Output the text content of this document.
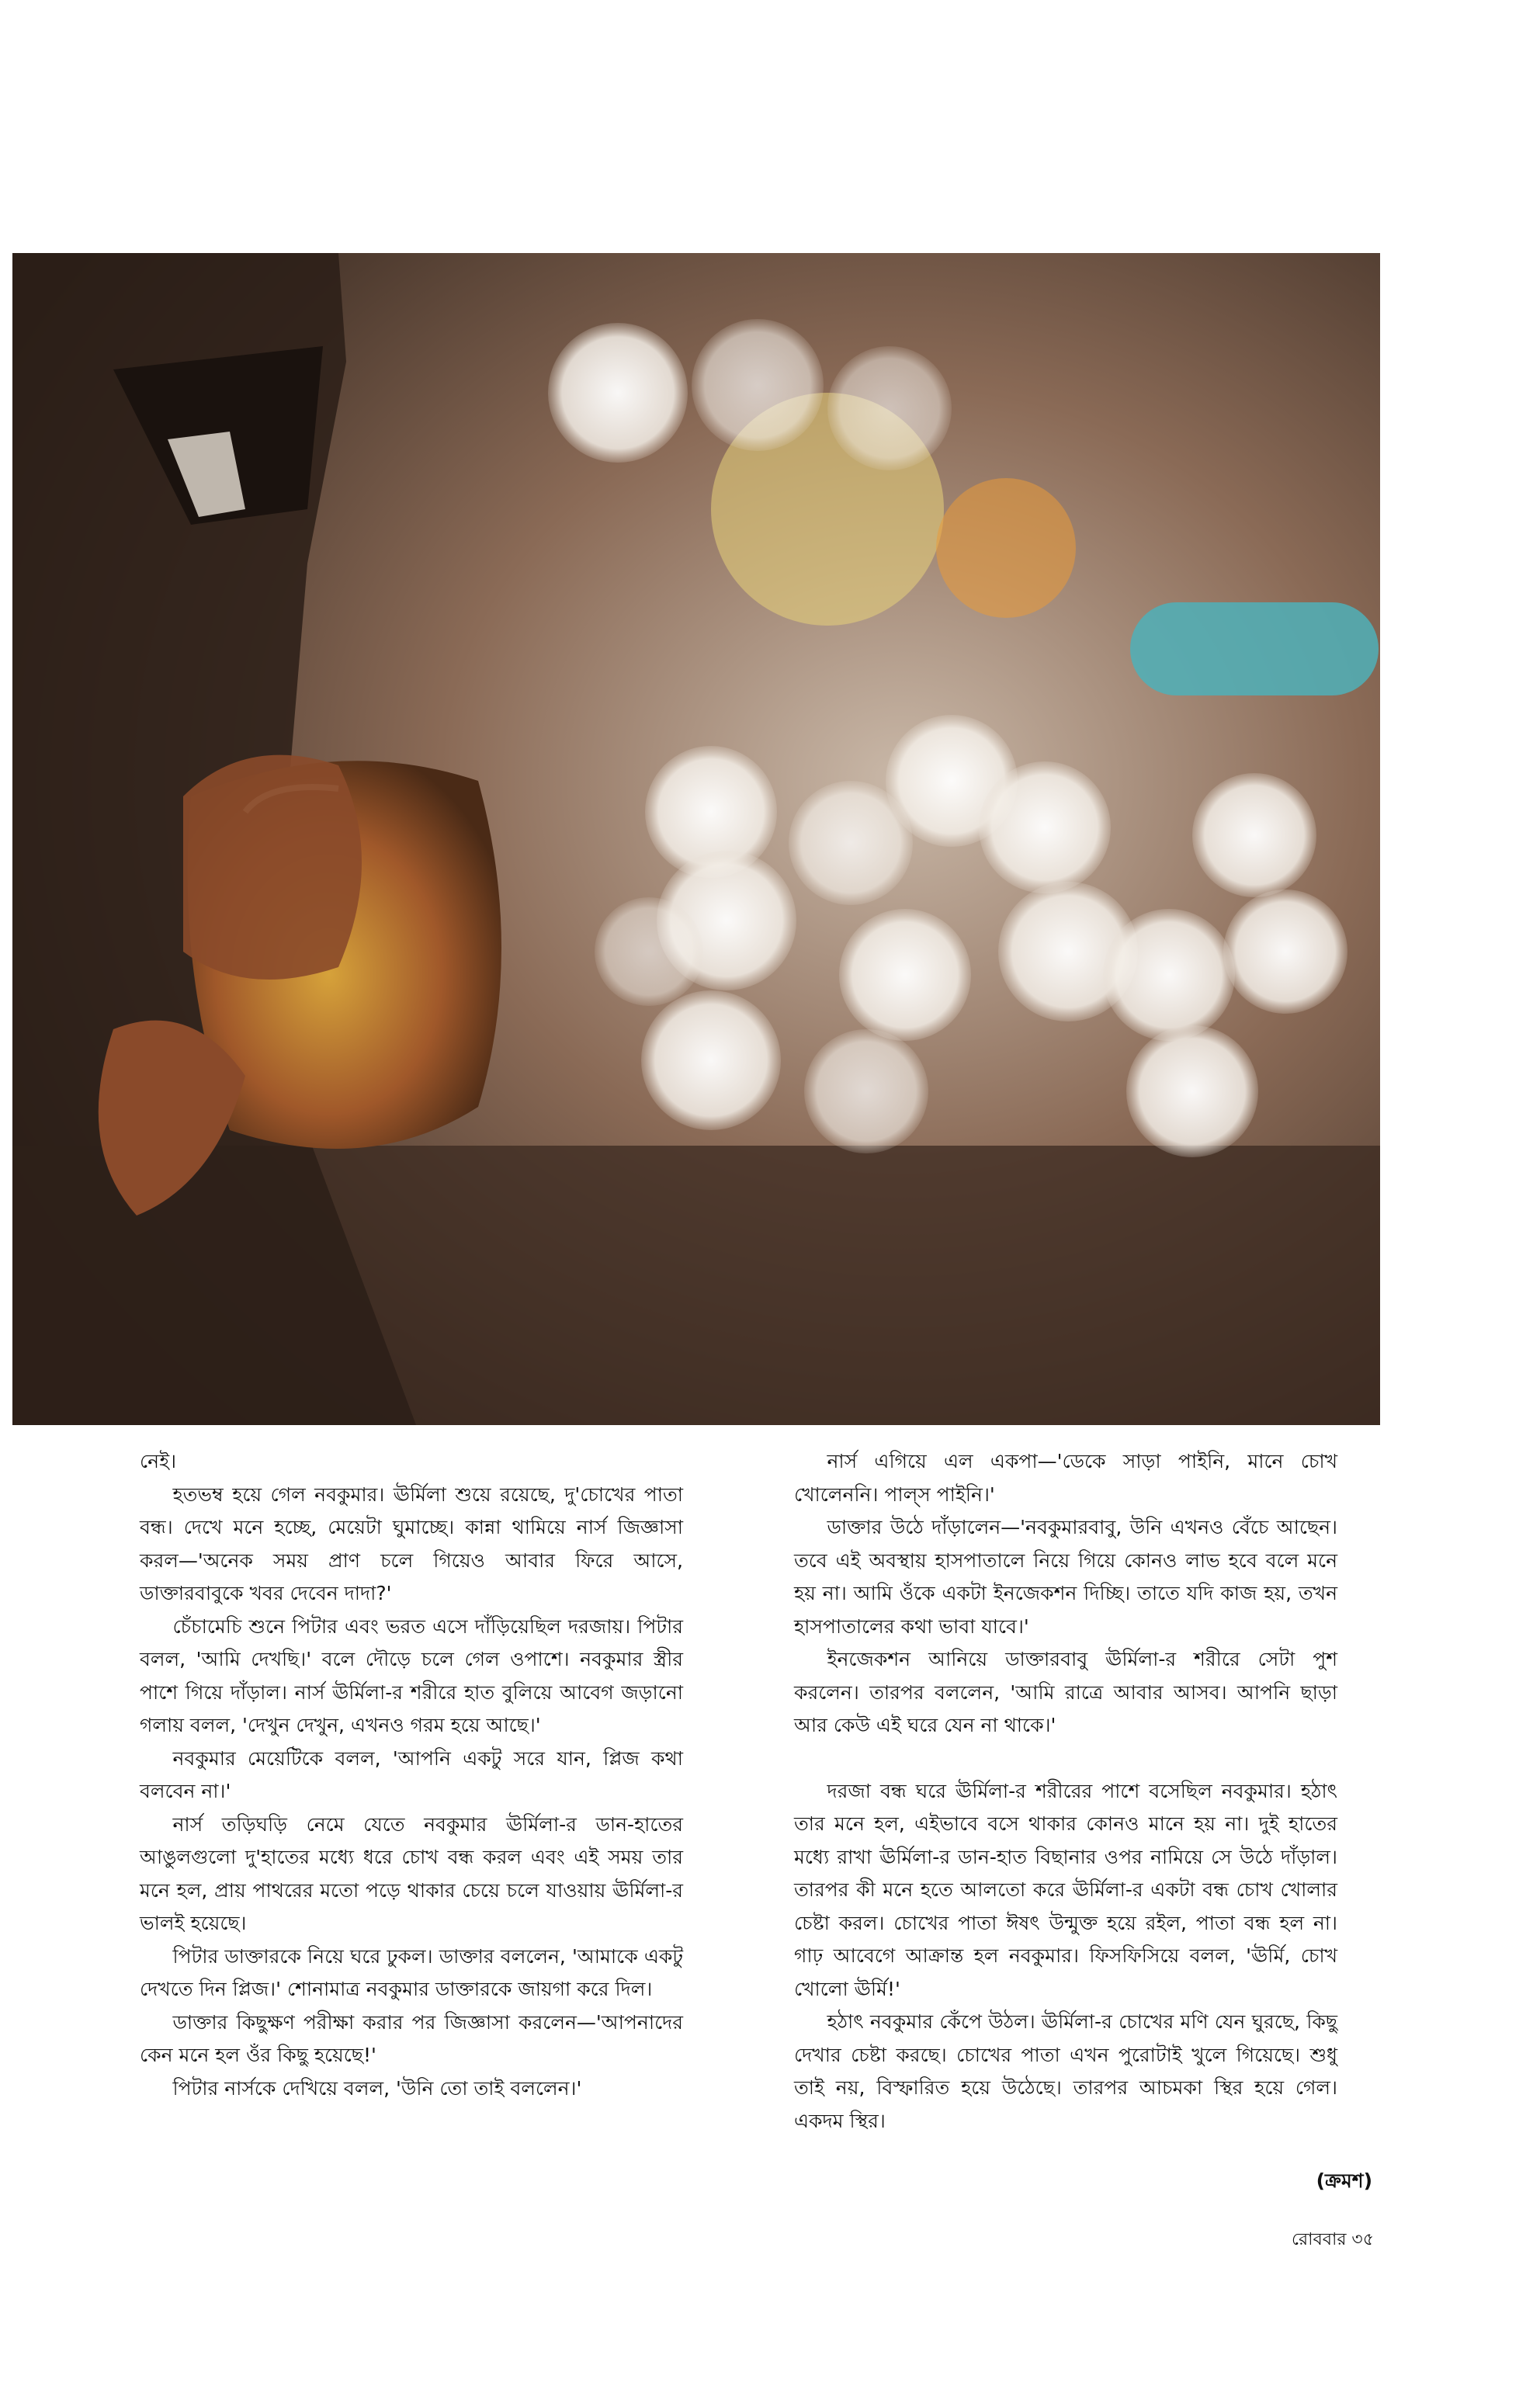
নেই।

হতভম্ব হয়ে গেল নবকুমার। ঊর্মিলা শুয়ে রয়েছে, দু'চোখের পাতা বন্ধ। দেখে মনে হচ্ছে, মেয়েটা ঘুমাচ্ছে। কান্না থামিয়ে নার্স জিজ্ঞাসা করল—'অনেক সময় প্রাণ চলে গিয়েও আবার ফিরে আসে, ডাক্তারবাবুকে খবর দেবেন দাদা?'

চেঁচামেচি শুনে পিটার এবং ভরত এসে দাঁড়িয়েছিল দরজায়। পিটার বলল, 'আমি দেখছি।' বলে দৌড়ে চলে গেল ওপাশে। নবকুমার স্ত্রীর পাশে গিয়ে দাঁড়াল। নার্স ঊর্মিলা-র শরীরে হাত বুলিয়ে আবেগ জড়ানো গলায় বলল, 'দেখুন দেখুন, এখনও গরম হয়ে আছে।'

নবকুমার মেয়েটিকে বলল, 'আপনি একটু সরে যান, প্লিজ কথা বলবেন না।'

নার্স তড়িঘড়ি নেমে যেতে নবকুমার ঊর্মিলা-র ডান-হাতের আঙুলগুলো দু'হাতের মধ্যে ধরে চোখ বন্ধ করল এবং এই সময় তার মনে হল, প্রায় পাথরের মতো পড়ে থাকার চেয়ে চলে যাওয়ায় ঊর্মিলা-র ভালই হয়েছে।

পিটার ডাক্তারকে নিয়ে ঘরে ঢুকল। ডাক্তার বললেন, 'আমাকে একটু দেখতে দিন প্লিজ।' শোনামাত্র নবকুমার ডাক্তারকে জায়গা করে দিল।

ডাক্তার কিছুক্ষণ পরীক্ষা করার পর জিজ্ঞাসা করলেন—'আপনাদের কেন মনে হল ওঁর কিছু হয়েছে!'

পিটার নার্সকে দেখিয়ে বলল, 'উনি তো তাই বললেন।'

নার্স এগিয়ে এল একপা—'ডেকে সাড়া পাইনি, মানে চোখ খোলেননি। পাল্‌স পাইনি।'

ডাক্তার উঠে দাঁড়ালেন—'নবকুমারবাবু, উনি এখনও বেঁচে আছেন। তবে এই অবস্থায় হাসপাতালে নিয়ে গিয়ে কোনও লাভ হবে বলে মনে হয় না। আমি ওঁকে একটা ইনজেকশন দিচ্ছি। তাতে যদি কাজ হয়, তখন হাসপাতালের কথা ভাবা যাবে।'

ইনজেকশন আনিয়ে ডাক্তারবাবু ঊর্মিলা-র শরীরে সেটা পুশ করলেন। তারপর বললেন, 'আমি রাত্রে আবার আসব। আপনি ছাড়া আর কেউ এই ঘরে যেন না থাকে।'

দরজা বন্ধ ঘরে ঊর্মিলা-র শরীরের পাশে বসেছিল নবকুমার। হঠাৎ তার মনে হল, এইভাবে বসে থাকার কোনও মানে হয় না। দুই হাতের মধ্যে রাখা ঊর্মিলা-র ডান-হাত বিছানার ওপর নামিয়ে সে উঠে দাঁড়াল। তারপর কী মনে হতে আলতো করে ঊর্মিলা-র একটা বন্ধ চোখ খোলার চেষ্টা করল। চোখের পাতা ঈষৎ উন্মুক্ত হয়ে রইল, পাতা বন্ধ হল না। গাঢ় আবেগে আক্রান্ত হল নবকুমার। ফিসফিসিয়ে বলল, 'ঊর্মি, চোখ খোলো ঊর্মি!'

হঠাৎ নবকুমার কেঁপে উঠল। ঊর্মিলা-র চোখের মণি যেন ঘুরছে, কিছু দেখার চেষ্টা করছে। চোখের পাতা এখন পুরোটাই খুলে গিয়েছে। শুধু তাই নয়, বিস্ফারিত হয়ে উঠেছে। তারপর আচমকা স্থির হয়ে গেল। একদম স্থির।

(ক্রমশ)
রোববার ৩৫
